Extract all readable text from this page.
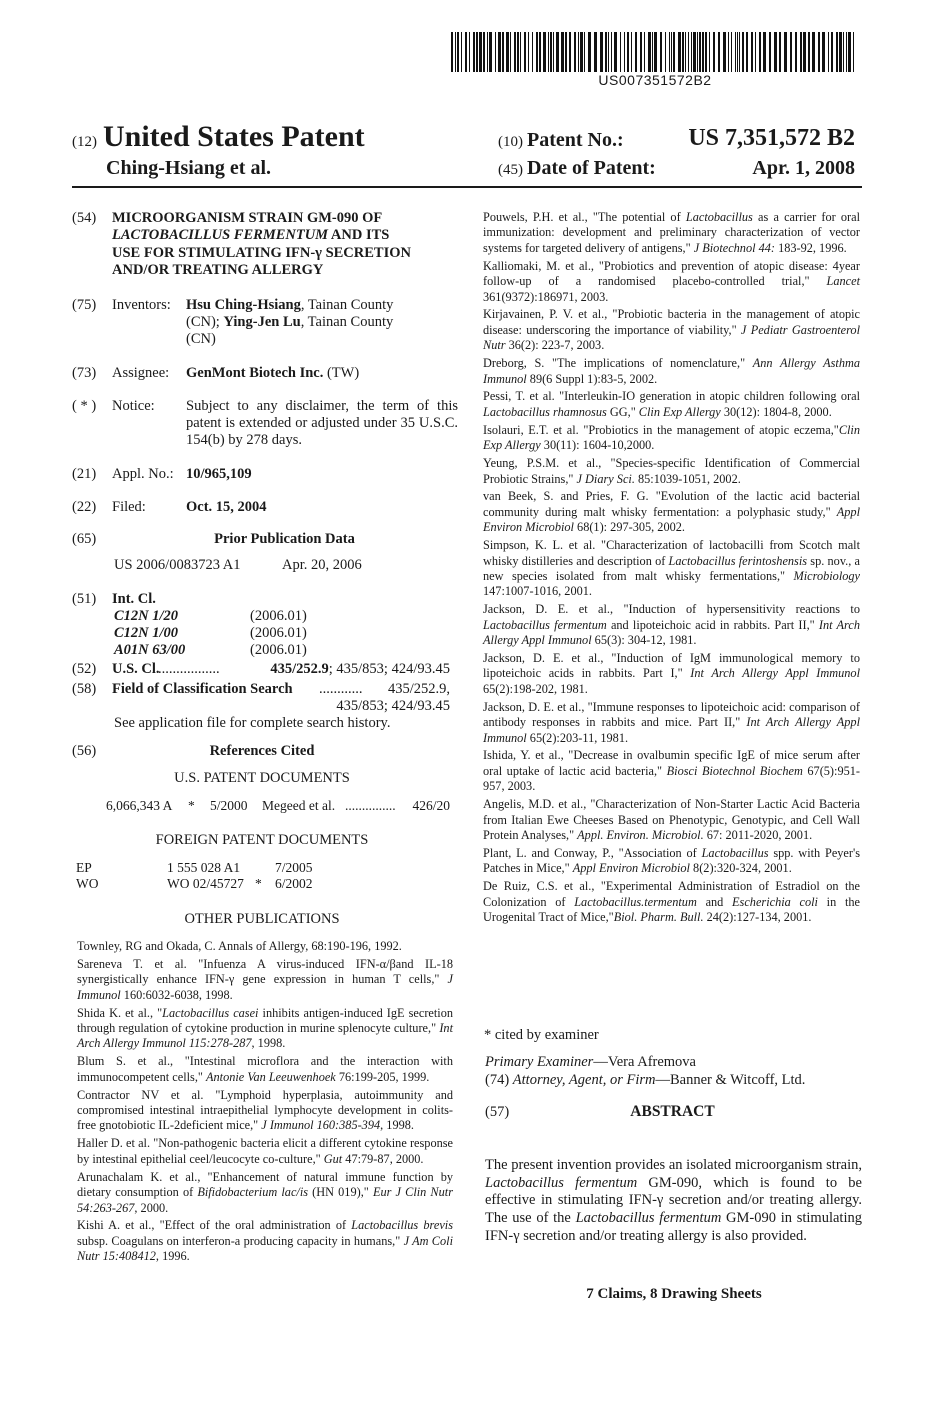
US007351572B2
(12) United States Patent
Ching-Hsiang et al.
(10) Patent No.:	US 7,351,572 B2
(45) Date of Patent:	Apr. 1, 2008
(54) MICROORGANISM STRAIN GM-090 OF
LACTOBACILLUS FERMENTUM AND ITS
USE FOR STIMULATING IFN-γ SECRETION
AND/OR TREATING ALLERGY
(75) Inventors: Hsu Ching-Hsiang, Tainan County
(CN); Ying-Jen Lu, Tainan County
(CN)
(73) Assignee: GenMont Biotech Inc. (TW)
( * ) Notice: Subject to any disclaimer, the term of this patent is extended or adjusted under 35 U.S.C. 154(b) by 278 days.
(21) Appl. No.: 10/965,109
(22) Filed:	Oct. 15, 2004
(65)	Prior Publication Data
US 2006/0083723 A1	Apr. 20, 2006
(51) Int. Cl.
C12N 1/20	(2006.01)
C12N 1/00	(2006.01)
A01N 63/00	(2006.01)
(52) U.S. Cl.
.................	435/252.9; 435/853; 424/93.45
(58) Field of Classification Search ............ 435/252.9,
435/853; 424/93.45
See application file for complete search history.
(56)	References Cited
U.S. PATENT DOCUMENTS
6,066,343 A * 5/2000 Megeed et al. ............... 426/20
FOREIGN PATENT DOCUMENTS
EP	1 555 028 A1	7/2005
WO	WO 02/45727 * 6/2002
OTHER PUBLICATIONS

Townley, RG and Okada, C. Annals of Allergy, 68:190-196, 1992.

Sareneva T. et al. "Infuenza A virus-induced IFN-α/βand IL-18 synergistically enhance IFN-γ gene expression in human T cells," J Immunol 160:6032-6038, 1998.

Shida K. et al., "Lactobacillus casei inhibits antigen-induced IgE secretion through regulation of cytokine production in murine splenocyte culture," Int Arch Allergy Immunol 115:278-287, 1998.

Blum S. et al., "Intestinal microflora and the interaction with immunocompetent cells," Antonie Van Leeuwenhoek 76:199-205, 1999.

Contractor NV et al. "Lymphoid hyperplasia, autoimmunity and compromised intestinal intraepithelial lymphocyte development in colits-free gnotobiotic IL-2deficient mice," J Immunol 160:385-394, 1998.

Haller D. et al. "Non-pathogenic bacteria elicit a different cytokine response by intestinal epithelial ceel/leucocyte co-culture," Gut 47:79-87, 2000.

Arunachalam K. et al., "Enhancement of natural immune function by dietary consumption of Bifidobacterium lac/is (HN 019)," Eur J Clin Nutr 54:263-267, 2000.

Kishi A. et al., "Effect of the oral administration of Lactobacillus brevis subsp. Coagulans on interferon-a producing capacity in humans," J Am Coli Nutr 15:408412, 1996.

Pouwels, P.H. et al., "The potential of Lactobacillus as a carrier for oral immunization: development and preliminary characterization of vector systems for targeted delivery of antigens," J Biotechnol 44: 183-92, 1996.

Kalliomaki, M. et al., "Probiotics and prevention of atopic disease: 4year follow-up of a randomised placebo-controlled trial," Lancet 361(9372):186971, 2003.

Kirjavainen, P. V. et al., "Probiotic bacteria in the management of atopic disease: underscoring the importance of viability," J Pediatr Gastroenterol Nutr 36(2): 223-7, 2003.

Dreborg, S. "The implications of nomenclature," Ann Allergy Asthma Immunol 89(6 Suppl 1):83-5, 2002.

Pessi, T. et al. "Interleukin-IO generation in atopic children following oral Lactobacillus rhamnosus GG," Clin Exp Allergy 30(12): 1804-8, 2000.

Isolauri, E.T. et al. "Probiotics in the management of atopic eczema,"Clin Exp Allergy 30(11): 1604-10,2000.

Yeung, P.S.M. et al., "Species-specific Identification of Commercial Probiotic Strains," J Diary Sci. 85:1039-1051, 2002.

van Beek, S. and Pries, F. G. "Evolution of the lactic acid bacterial community during malt whisky fermentation: a polyphasic study," Appl Environ Microbiol 68(1): 297-305, 2002.

Simpson, K. L. et al. "Characterization of lactobacilli from Scotch malt whisky distilleries and description of Lactobacillus ferintoshensis sp. nov., a new species isolated from malt whisky fermentations," Microbiology 147:1007-1016, 2001.

Jackson, D. E. et al., "Induction of hypersensitivity reactions to Lactobacillus fermentum and lipoteichoic acid in rabbits. Part II," Int Arch Allergy Appl Immunol 65(3): 304-12, 1981.

Jackson, D. E. et al., "Induction of IgM immunological memory to lipoteichoic acids in rabbits. Part I," Int Arch Allergy Appl Immunol 65(2):198-202, 1981.

Jackson, D. E. et al., "Immune responses to lipoteichoic acid: comparison of antibody responses in rabbits and mice. Part II," Int Arch Allergy Appl Immunol 65(2):203-11, 1981.

Ishida, Y. et al., "Decrease in ovalbumin specific IgE of mice serum after oral uptake of lactic acid bacteria," Biosci Biotechnol Biochem 67(5):951-957, 2003.

Angelis, M.D. et al., "Characterization of Non-Starter Lactic Acid Bacteria from Italian Ewe Cheeses Based on Phenotypic, Genotypic, and Cell Wall Protein Analyses," Appl. Environ. Microbiol. 67: 2011-2020, 2001.

Plant, L. and Conway, P., "Association of Lactobacillus spp. with Peyer's Patches in Mice," Appl Environ Microbiol 8(2):320-324, 2001.

De Ruiz, C.S. et al., "Experimental Administration of Estradiol on the Colonization of Lactobacillus.termentum and Escherichia coli in the Urogenital Tract of Mice,"Biol. Pharm. Bull. 24(2):127-134, 2001.

* cited by examiner
Primary Examiner—Vera Afremova
(74) Attorney, Agent, or Firm—Banner & Witcoff, Ltd.
(57)	ABSTRACT
The present invention provides an isolated microorganism strain, Lactobacillus fermentum GM-090, which is found to be effective in stimulating IFN-γ secretion and/or treating allergy. The use of the Lactobacillus fermentum GM-090 in stimulating IFN-γ secretion and/or treating allergy is also provided.
7 Claims, 8 Drawing Sheets
